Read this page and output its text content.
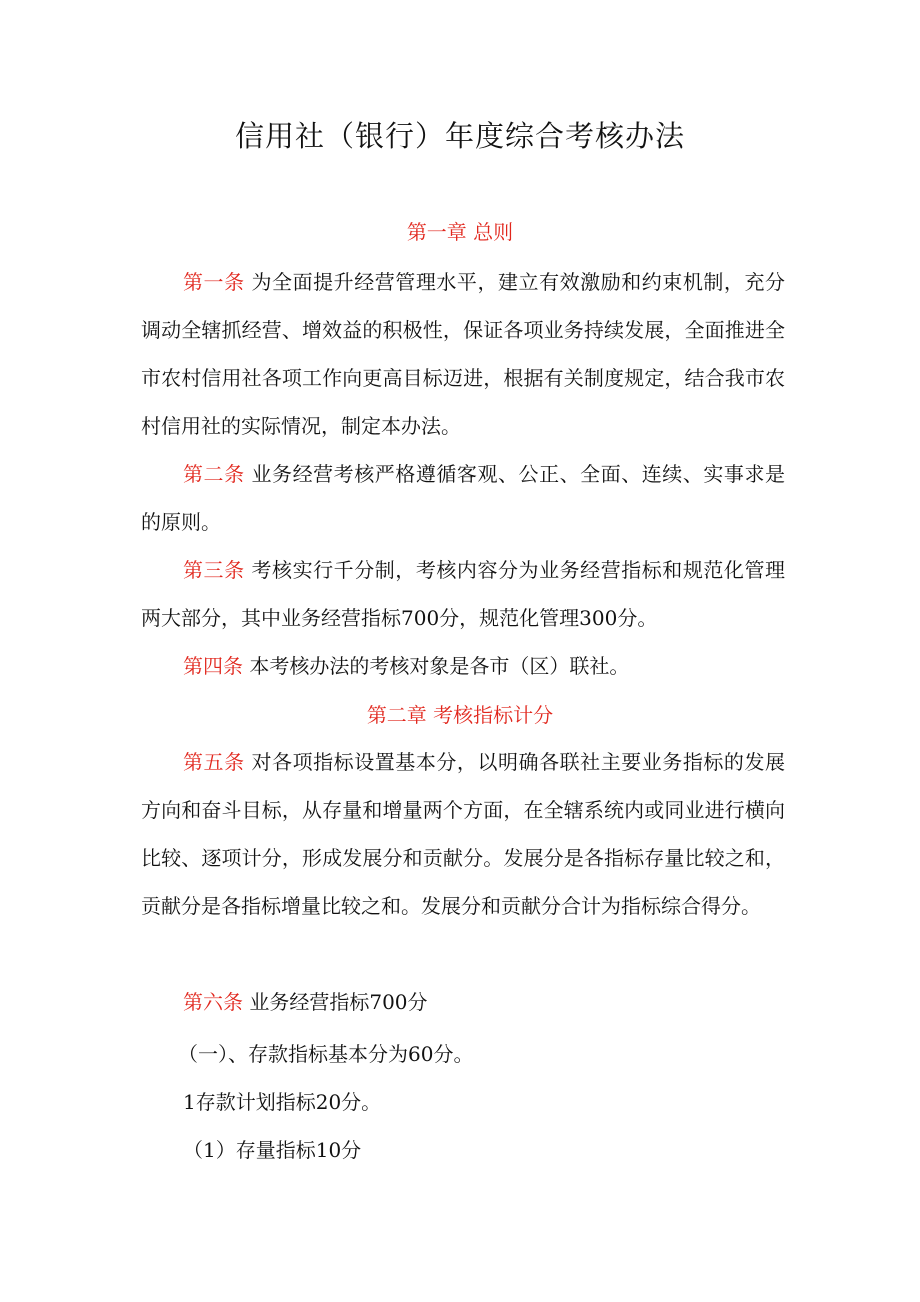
信用社（银行）年度综合考核办法
第一章 总则

第一条 为全面提升经营管理水平，建立有效激励和约束机制，充分调动全辖抓经营、增效益的积极性，保证各项业务持续发展，全面推进全市农村信用社各项工作向更高目标迈进，根据有关制度规定，结合我市农村信用社的实际情况，制定本办法。

第二条 业务经营考核严格遵循客观、公正、全面、连续、实事求是的原则。

第三条 考核实行千分制，考核内容分为业务经营指标和规范化管理两大部分，其中业务经营指标700分，规范化管理300分。

第四条 本考核办法的考核对象是各市（区）联社。

第二章 考核指标计分

第五条 对各项指标设置基本分，以明确各联社主要业务指标的发展方向和奋斗目标，从存量和增量两个方面，在全辖系统内或同业进行横向比较、逐项计分，形成发展分和贡献分。发展分是各指标存量比较之和，贡献分是各指标增量比较之和。发展分和贡献分合计为指标综合得分。

第六条 业务经营指标700分

（一）、存款指标基本分为60分。

1存款计划指标20分。

（1）存量指标10分
